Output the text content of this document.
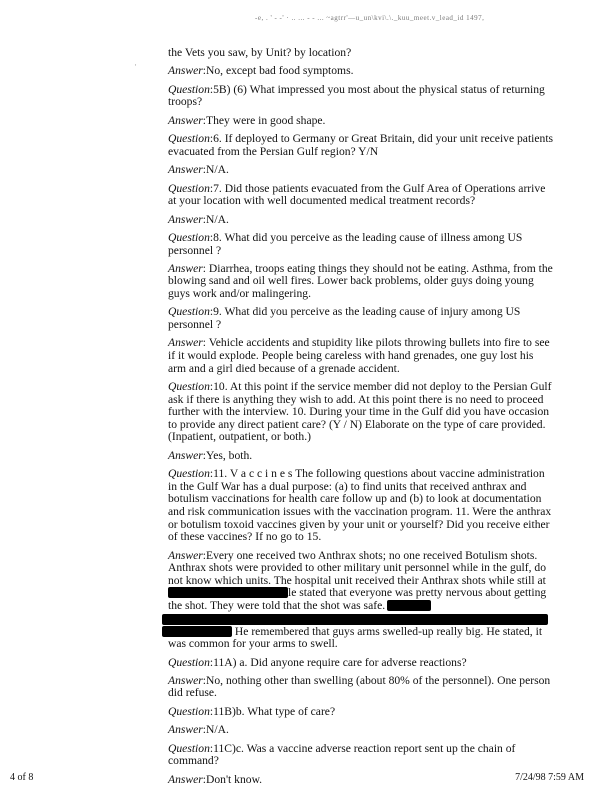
-e, . ' - -' · .. ... - - ... ~agtrr'—u_un\kvi\.\._kuu_meet.v_lead_id 1497,
·
the Vets you saw, by Unit? by location?
Answer:No, except bad food symptoms.
Question:5B) (6) What impressed you most about the physical status of returning troops?
Answer:They were in good shape.
Question:6. If deployed to Germany or Great Britain, did your unit receive patients evacuated from the Persian Gulf region? Y/N
Answer:N/A.
Question:7. Did those patients evacuated from the Gulf Area of Operations arrive at your location with well documented medical treatment records?
Answer:N/A.
Question:8. What did you perceive as the leading cause of illness among US personnel ?
Answer: Diarrhea, troops eating things they should not be eating. Asthma, from the blowing sand and oil well fires. Lower back problems, older guys doing young guys work and/or malingering.
Question:9. What did you perceive as the leading cause of injury among US personnel ?
Answer: Vehicle accidents and stupidity like pilots throwing bullets into fire to see if it would explode. People being careless with hand grenades, one guy lost his arm and a girl died because of a grenade accident.
Question:10. At this point if the service member did not deploy to the Persian Gulf ask if there is anything they wish to add. At this point there is no need to proceed further with the interview. 10. During your time in the Gulf did you have occasion to provide any direct patient care? (Y / N) Elaborate on the type of care provided. (Inpatient, outpatient, or both.)
Answer:Yes, both.
Question:11. V a c c i n e s The following questions about vaccine administration in the Gulf War has a dual purpose: (a) to find units that received anthrax and botulism vaccinations for health care follow up and (b) to look at documentation and risk communication issues with the vaccination program. 11. Were the anthrax or botulism toxoid vaccines given by your unit or yourself? Did you receive either of these vaccines? If no go to 15.
Answer:Every one received two Anthrax shots; no one received Botulism shots. Anthrax shots were provided to other military unit personnel while in the gulf, do not know which units. The hospital unit received their Anthrax shots while still at le stated that everyone was pretty nervous about getting the shot. They were told that the shot was safe.
He remembered that guys arms swelled-up really big. He stated, it was common for your arms to swell.
Question:11A) a. Did anyone require care for adverse reactions?
Answer:No, nothing other than swelling (about 80% of the personnel). One person did refuse.
Question:11B)b. What type of care?
Answer:N/A.
Question:11C)c. Was a vaccine adverse reaction report sent up the chain of command?
Answer:Don't know.
4 of 8	7/24/98 7:59 AM
